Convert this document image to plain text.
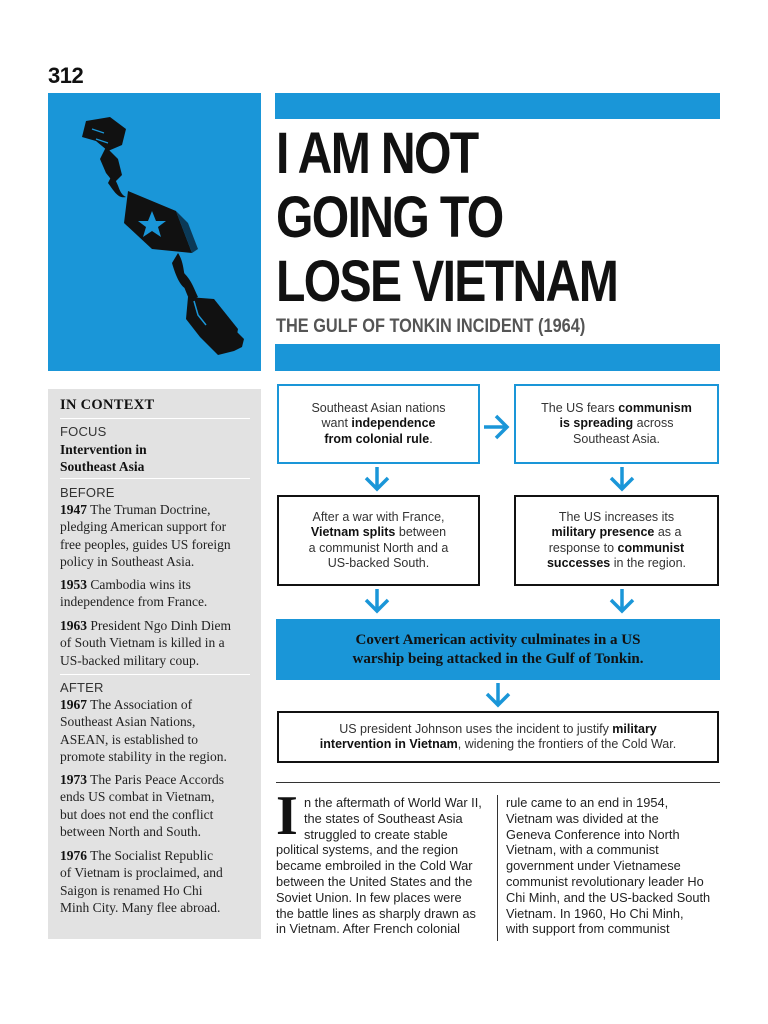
312
I AM NOT
GOING TO
LOSE VIETNAM
THE GULF OF TONKIN INCIDENT (1964)
IN CONTEXT
FOCUS
Intervention in
Southeast Asia
BEFORE
1947 The Truman Doctrine,
pledging American support for
free peoples, guides US foreign
policy in Southeast Asia.
1953 Cambodia wins its
independence from France.
1963 President Ngo Dinh Diem
of South Vietnam is killed in a
US-backed military coup.
AFTER
1967 The Association of
Southeast Asian Nations,
ASEAN, is established to
promote stability in the region.
1973 The Paris Peace Accords
ends US combat in Vietnam,
but does not end the conflict
between North and South.
1976 The Socialist Republic
of Vietnam is proclaimed, and
Saigon is renamed Ho Chi
Minh City. Many flee abroad.
Southeast Asian nations
want independence
from colonial rule.
The US fears communism
is spreading across
Southeast Asia.
After a war with France,
Vietnam splits between
a communist North and a
US-backed South.
The US increases its
military presence as a
response to communist
successes in the region.
Covert American activity culminates in a US
warship being attacked in the Gulf of Tonkin.
US president Johnson uses the incident to justify military
intervention in Vietnam, widening the frontiers of the Cold War.
I n the aftermath of World War II,
the states of Southeast Asia
struggled to create stable
political systems, and the region
became embroiled in the Cold War
between the United States and the
Soviet Union. In few places were
the battle lines as sharply drawn as
in Vietnam. After French colonial
rule came to an end in 1954,
Vietnam was divided at the
Geneva Conference into North
Vietnam, with a communist
government under Vietnamese
communist revolutionary leader Ho
Chi Minh, and the US-backed South
Vietnam. In 1960, Ho Chi Minh,
with support from communist
